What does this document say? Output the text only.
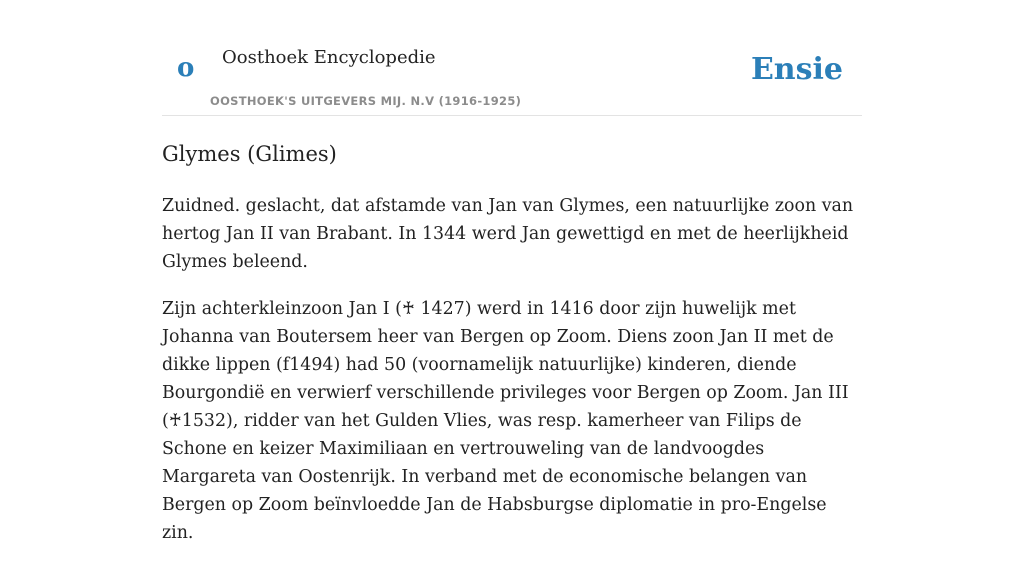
o Oosthoek Encyclopedie
OOSTHOEK'S UITGEVERS MIJ. N.V (1916-1925)
Ensie
Glymes (Glimes)

Zuidned. geslacht, dat afstamde van Jan van Glymes, een natuurlijke zoon van hertog Jan II van Brabant. In 1344 werd Jan gewettigd en met de heerlijkheid Glymes beleend.

Zijn achterkleinzoon Jan I (♰ 1427) werd in 1416 door zijn huwelijk met Johanna van Boutersem heer van Bergen op Zoom. Diens zoon Jan II met de dikke lippen (f1494) had 50 (voornamelijk natuurlijke) kinderen, diende Bourgondië en verwierf verschillende privileges voor Bergen op Zoom. Jan III (♰1532), ridder van het Gulden Vlies, was resp. kamerheer van Filips de Schone en keizer Maximiliaan en vertrouweling van de landvoogdes Margareta van Oostenrijk. In verband met de economische belangen van Bergen op Zoom beïnvloedde Jan de Habsburgse diplomatie in pro-Engelse zin.
